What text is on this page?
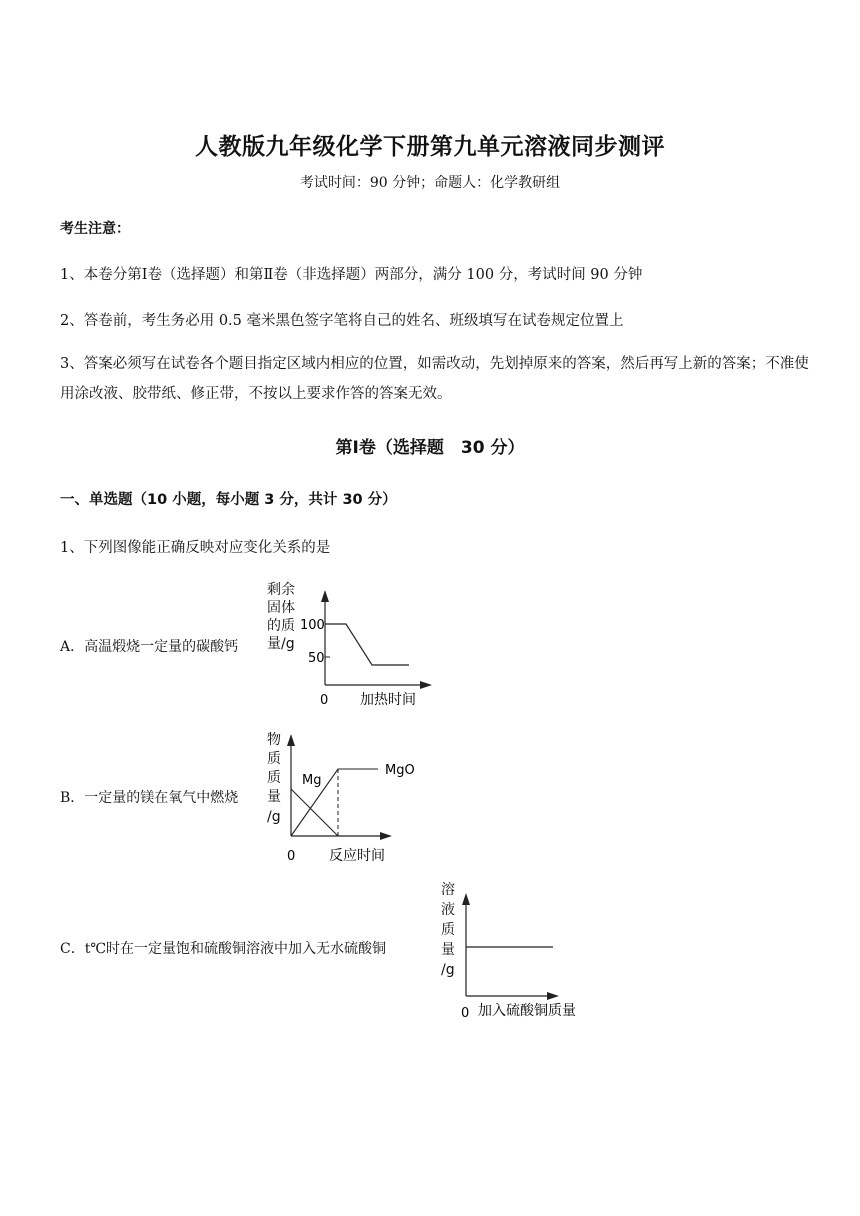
人教版九年级化学下册第九单元溶液同步测评
考试时间：90 分钟；命题人：化学教研组
考生注意：
1、本卷分第Ⅰ卷（选择题）和第Ⅱ卷（非选择题）两部分，满分 100 分，考试时间 90 分钟
2、答卷前，考生务必用 0.5 毫米黑色签字笔将自己的姓名、班级填写在试卷规定位置上
3、答案必须写在试卷各个题目指定区域内相应的位置，如需改动，先划掉原来的答案，然后再写上新的答案；不准使用涂改液、胶带纸、修正带，不按以上要求作答的答案无效。
第Ⅰ卷（选择题　30 分）
一、单选题（10 小题，每小题 3 分，共计 30 分）
1、下列图像能正确反映对应变化关系的是
A．高温煅烧一定量的碳酸钙
剩余
固体
的质
量/g
100
50
0 加热时间
B．一定量的镁在氧气中燃烧
物
质
质
量
/g
Mg
MgO
0 反应时间
C．t℃时在一定量饱和硫酸铜溶液中加入无水硫酸铜
溶
液
质
量
/g
0 加入硫酸铜质量
